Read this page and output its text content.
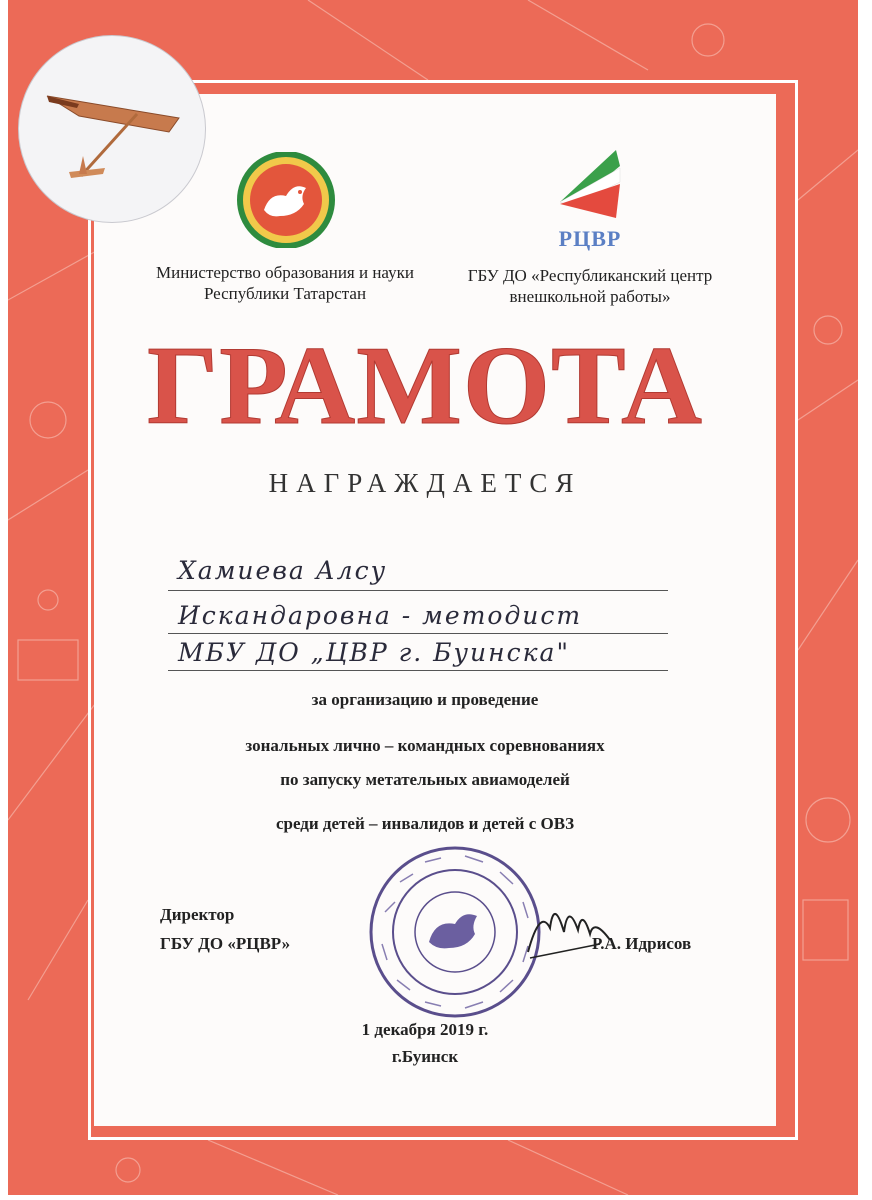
РЦВР
Министерство образования и науки
Республики Татарстан
ГБУ ДО «Республиканский центр
внешкольной работы»
ГРАМОТА
НАГРАЖДАЕТСЯ
Хамиева Алсу
Искандаровна - методист
МБУ ДО „ЦВР г. Буинска"
за организацию и проведение
зональных лично – командных соревнованиях
по запуску метательных авиамоделей
среди детей – инвалидов и детей с ОВЗ
Директор
ГБУ ДО «РЦВР»	Р.А. Идрисов
1 декабря 2019 г.
г.Буинск
